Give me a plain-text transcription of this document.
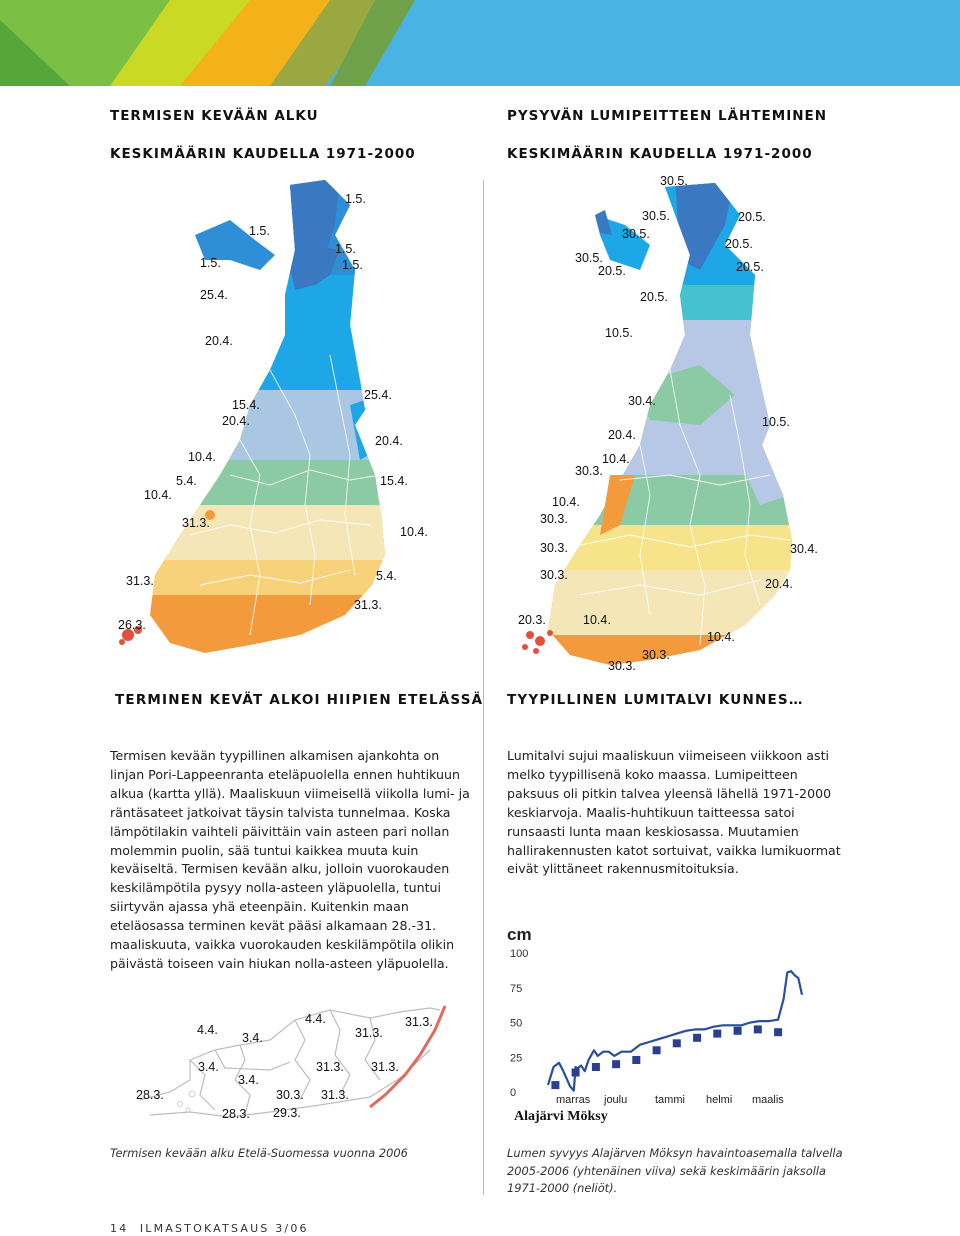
TERMISEN KEVÄÄN ALKU
KESKIMÄÄRIN KAUDELLA 1971-2000
PYSYVÄN LUMIPEITTEEN LÄHTEMINEN
KESKIMÄÄRIN KAUDELLA 1971-2000
1.5.
1.5.
1.5.
1.5.	1.5.
25.4.
20.4.
15.4.
20.4.
25.4.
20.4.
10.4.
5.4.
10.4.
15.4.
31.3.
10.4.
31.3.	5.4.
31.3.
26.3.
30.5.
30.5.
30.5.
20.5.
30.5.
20.5.
20.5.
20.5.
20.5.
10.5.
30.4.
20.4.
10.5.
10.4.
30.3.
10.4.
30.3.
30.3.	30.4.
30.3.
20.4.
20.3.	10.4.
10.4.
30.3.
30.3.
TERMINEN KEVÄT ALKOI HIIPIEN ETELÄSSÄ TYYPILLINEN LUMITALVI KUNNES…
Termisen kevään tyypillinen alkamisen ajankohta on linjan Pori-Lappeenranta eteläpuolella ennen huhtikuun alkua (kartta yllä). Maaliskuun viimeisellä viikolla lumi- ja räntäsateet jatkoivat täysin talvista tunnelmaa. Koska lämpötilakin vaihteli päivittäin vain asteen pari nollan molemmin puolin, sää tuntui kaikkea muuta kuin keväiseltä. Termisen kevään alku, jolloin vuorokauden keskilämpötila pysyy nolla-asteen yläpuolella, tuntui siirtyvän ajassa yhä eteenpäin. Kuitenkin maan eteläosassa terminen kevät pääsi alkamaan 28.-31. maaliskuuta, vaikka vuorokauden keskilämpötila olikin päivästä toiseen vain hiukan nolla-asteen yläpuolella.
Lumitalvi sujui maaliskuun viimeiseen viikkoon asti melko tyypillisenä koko maassa. Lumipeitteen paksuus oli pitkin talvea yleensä lähellä 1971-2000 keskiarvoja. Maalis-huhtikuun taitteessa satoi runsaasti lunta maan keskiosassa. Muutamien hallirakennusten katot sortuivat, vaikka lumikuormat eivät ylittäneet rakennusmitoituksia.
4.4.
4.4.
31.3.
31.3.
3.4.
3.4.	31.3. 31.3.
3.4.
28.3.	30.3. 31.3.
28.3. 29.3.
cm
0
25
50
75
100
marras joulu	tammi helmi maalis
Alajärvi Möksy
Termisen kevään alku Etelä-Suomessa vuonna 2006	Lumen syvyys Alajärven Möksyn havaintoasemalla talvella 2005-2006 (yhtenäinen viiva) sekä keskimäärin jaksolla 1971-2000 (neliöt).
14 ILMASTOKATSAUS 3/06
